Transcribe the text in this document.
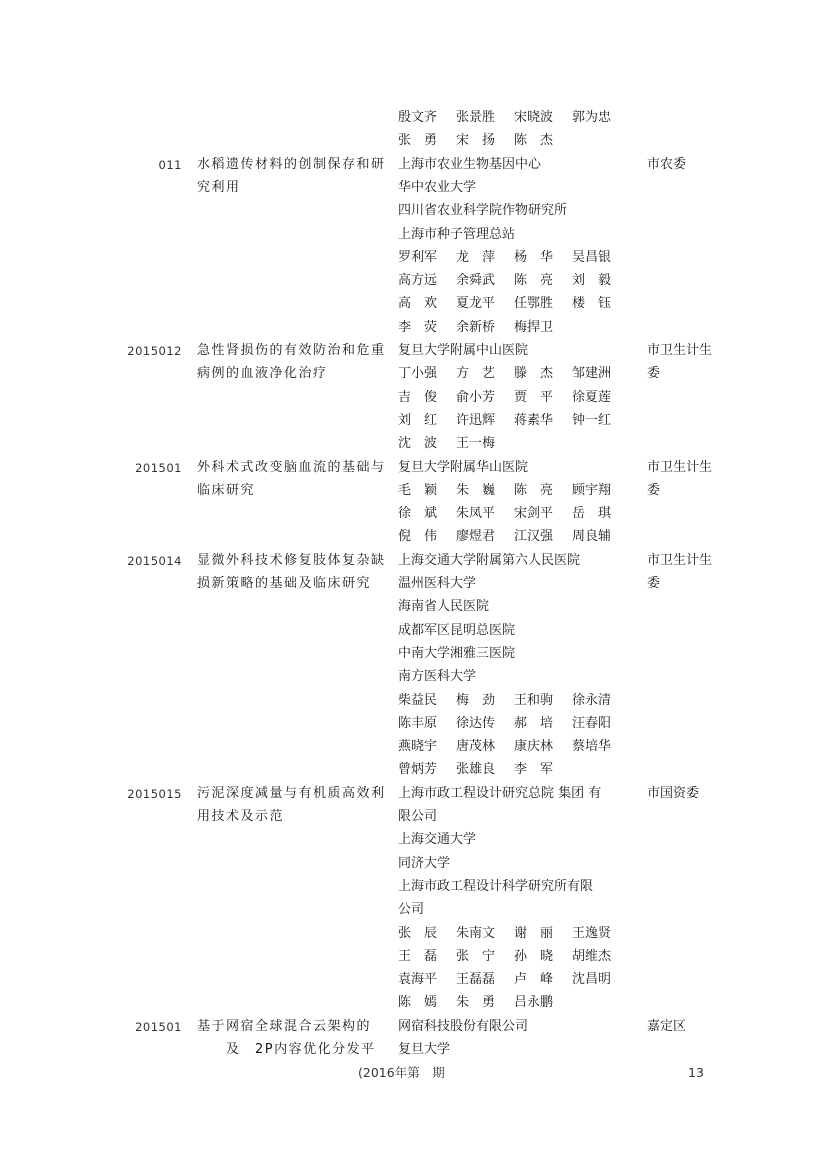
殷文齐 张景胜 宋晓波 郭为忠
张　勇 宋　扬 陈　杰
011 水稻遗传材料的创制保存和研
究利用
市农委
上海市农业生物基因中心
华中农业大学
四川省农业科学院作物研究所
上海市种子管理总站
罗利军 龙　萍 杨　华 吴昌银
高方远 余舜武 陈　亮 刘　毅
高　欢 夏龙平 任鄂胜 楼　钰
李　荧 余新桥 梅捍卫
2015012 急性肾损伤的有效防治和危重
病例的血液净化治疗
市卫生计生
委
复旦大学附属中山医院
丁小强 方　艺 滕　杰 邹建洲
吉　俊 俞小芳 贾　平 徐夏莲
刘　红 许迅辉 蒋素华 钟一红
沈　波 王一梅
201501 外科术式改变脑血流的基础与
临床研究
市卫生计生
委
复旦大学附属华山医院
毛　颖 朱　巍 陈　亮 顾宇翔
徐　斌 朱凤平 宋剑平 岳　琪
倪　伟 廖煜君 江汉强 周良辅
2015014 显微外科技术修复肢体复杂缺
损新策略的基础及临床研究
市卫生计生
委
上海交通大学附属第六人民医院
温州医科大学
海南省人民医院
成都军区昆明总医院
中南大学湘雅三医院
南方医科大学
柴益民 梅　劲 王和驹 徐永清
陈丰原 徐达传 郝　培 汪春阳
燕晓宇 唐茂林 康庆林 蔡培华
曾炳芳 张雄良 李　军
2015015 污泥深度减量与有机质高效利
用技术及示范
市国资委
上海市政工程设计研究总院 集团 有
限公司
上海交通大学
同济大学
上海市政工程设计科学研究所有限
公司
张　辰 朱南文 谢　丽 王逸贤
王　磊 张　宁 孙　晓 胡维杰
袁海平 王磊磊 卢　峰 沈昌明
陈　嫣 朱　勇 吕永鹏
201501 基于网宿全球混合云架构的
　　及　2P内容优化分发平
嘉定区
网宿科技股份有限公司
复旦大学
(2016年第　期	13
